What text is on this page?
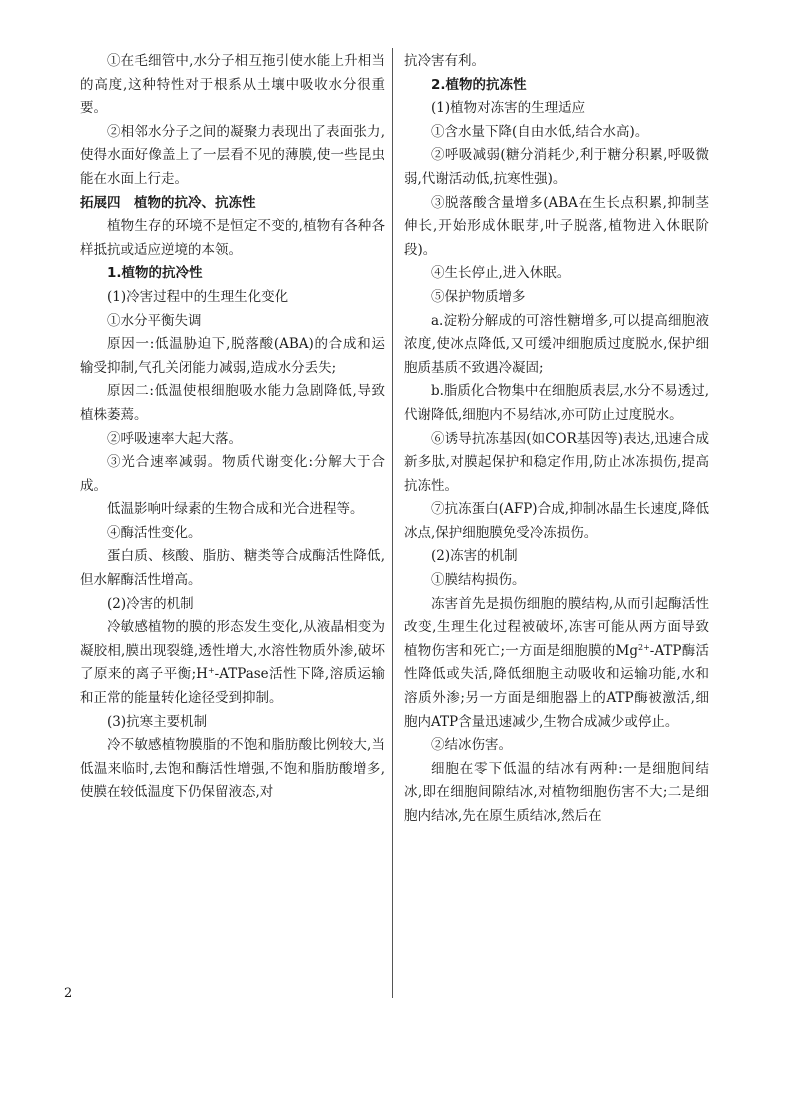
①在毛细管中,水分子相互拖引使水能上升相当的高度,这种特性对于根系从土壤中吸收水分很重要。

②相邻水分子之间的凝聚力表现出了表面张力,使得水面好像盖上了一层看不见的薄膜,使一些昆虫能在水面上行走。

拓展四　植物的抗冷、抗冻性

植物生存的环境不是恒定不变的,植物有各种各样抵抗或适应逆境的本领。

1.植物的抗冷性

(1)冷害过程中的生理生化变化

①水分平衡失调

原因一:低温胁迫下,脱落酸(ABA)的合成和运输受抑制,气孔关闭能力减弱,造成水分丢失;

原因二:低温使根细胞吸水能力急剧降低,导致植株萎蔫。

②呼吸速率大起大落。

③光合速率减弱。物质代谢变化:分解大于合成。

低温影响叶绿素的生物合成和光合进程等。

④酶活性变化。

蛋白质、核酸、脂肪、糖类等合成酶活性降低,但水解酶活性增高。

(2)冷害的机制

冷敏感植物的膜的形态发生变化,从液晶相变为凝胶相,膜出现裂缝,透性增大,水溶性物质外渗,破坏了原来的离子平衡;H+-ATPase活性下降,溶质运输和正常的能量转化途径受到抑制。

(3)抗寒主要机制

冷不敏感植物膜脂的不饱和脂肪酸比例较大,当低温来临时,去饱和酶活性增强,不饱和脂肪酸增多,使膜在较低温度下仍保留液态,对

抗冷害有利。

2.植物的抗冻性

(1)植物对冻害的生理适应

①含水量下降(自由水低,结合水高)。

②呼吸减弱(糖分消耗少,利于糖分积累,呼吸微弱,代谢活动低,抗寒性强)。

③脱落酸含量增多(ABA在生长点积累,抑制茎伸长,开始形成休眠芽,叶子脱落,植物进入休眠阶段)。

④生长停止,进入休眠。

⑤保护物质增多

a.淀粉分解成的可溶性糖增多,可以提高细胞液浓度,使冰点降低,又可缓冲细胞质过度脱水,保护细胞质基质不致遇冷凝固;

b.脂质化合物集中在细胞质表层,水分不易透过,代谢降低,细胞内不易结冰,亦可防止过度脱水。

⑥诱导抗冻基因(如COR基因等)表达,迅速合成新多肽,对膜起保护和稳定作用,防止冰冻损伤,提高抗冻性。

⑦抗冻蛋白(AFP)合成,抑制冰晶生长速度,降低冰点,保护细胞膜免受冷冻损伤。

(2)冻害的机制

①膜结构损伤。

冻害首先是损伤细胞的膜结构,从而引起酶活性改变,生理生化过程被破坏,冻害可能从两方面导致植物伤害和死亡;一方面是细胞膜的$Mg^{2+}$-ATP酶活性降低或失活,降低细胞主动吸收和运输功能,水和溶质外渗;另一方面是细胞器上的ATP酶被激活,细胞内ATP含量迅速减少,生物合成减少或停止。

②结冰伤害。

细胞在零下低温的结冰有两种:一是细胞间结冰,即在细胞间隙结冰,对植物细胞伤害不大;二是细胞内结冰,先在原生质结冰,然后在

2
